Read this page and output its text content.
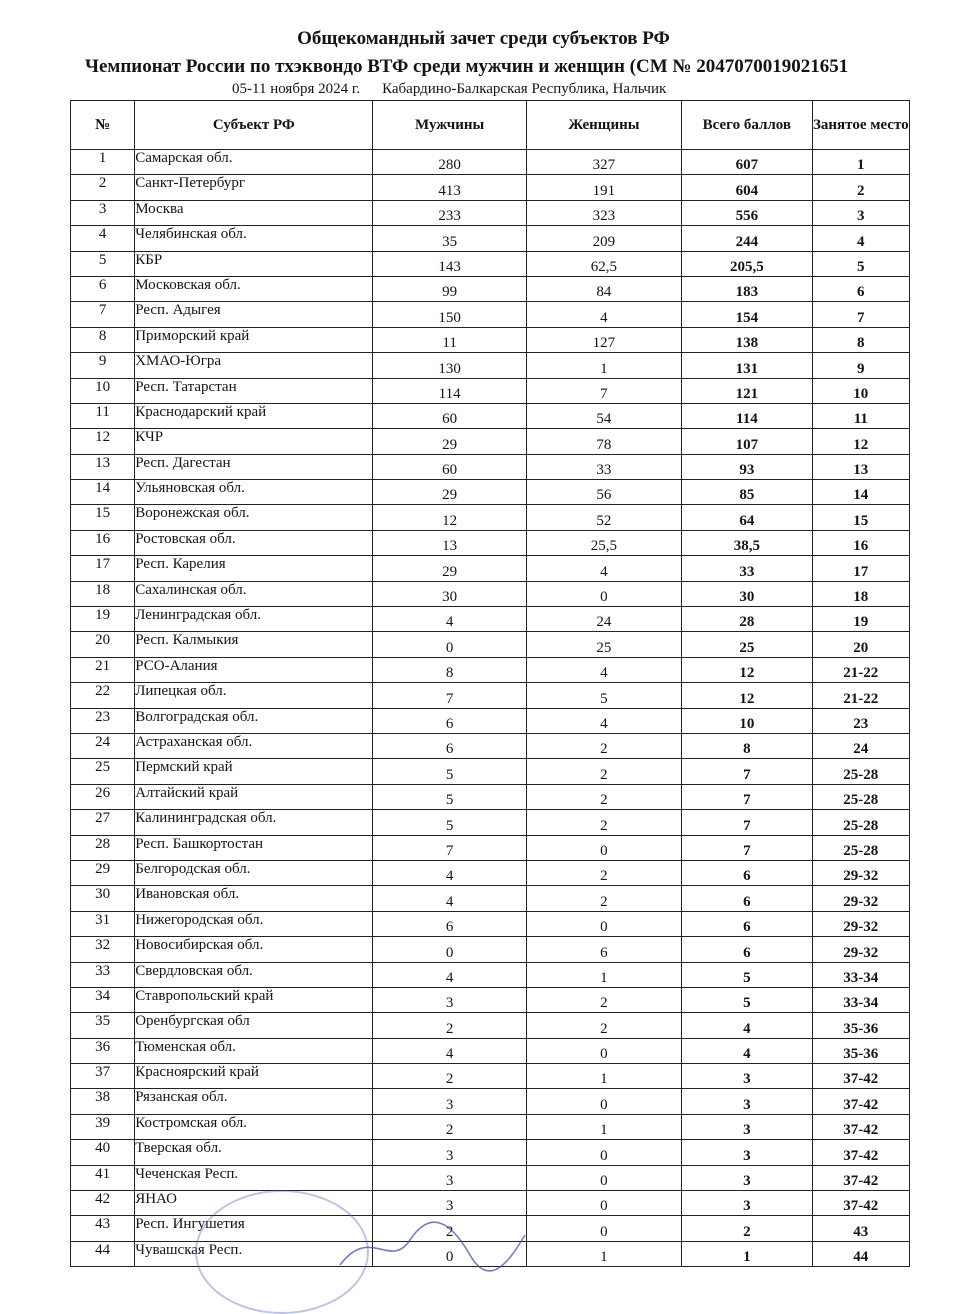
Общекомандный зачет среди субъектов РФ
Чемпионат России по тхэквондо ВТФ среди мужчин и женщин (СМ № 2047070019021651
05-11 ноября 2024 г. Кабардино-Балкарская Республика, Нальчик
№	Субъект РФ	Мужчины	Женщины	Всего баллов	Занятое место
1	Самарская обл.	280	327	607	1
2	Санкт-Петербург	413	191	604	2
3	Москва	233	323	556	3
4	Челябинская обл.	35	209	244	4
5	КБР	143	62,5	205,5	5
6	Московская обл.	99	84	183	6
7	Респ. Адыгея	150	4	154	7
8	Приморский край	11	127	138	8
9	ХМАО-Югра	130	1	131	9
10	Респ. Татарстан	114	7	121	10
11	Краснодарский край	60	54	114	11
12	КЧР	29	78	107	12
13	Респ. Дагестан	60	33	93	13
14	Ульяновская обл.	29	56	85	14
15	Воронежская обл.	12	52	64	15
16	Ростовская обл.	13	25,5	38,5	16
17	Респ. Карелия	29	4	33	17
18	Сахалинская обл.	30	0	30	18
19	Ленинградская обл.	4	24	28	19
20	Респ. Калмыкия	0	25	25	20
21	РСО-Алания	8	4	12	21-22
22	Липецкая обл.	7	5	12	21-22
23	Волгоградская обл.	6	4	10	23
24	Астраханская обл.	6	2	8	24
25	Пермский край	5	2	7	25-28
26	Алтайский край	5	2	7	25-28
27	Калининградская обл.	5	2	7	25-28
28	Респ. Башкортостан	7	0	7	25-28
29	Белгородская обл.	4	2	6	29-32
30	Ивановская обл.	4	2	6	29-32
31	Нижегородская обл.	6	0	6	29-32
32	Новосибирская обл.	0	6	6	29-32
33	Свердловская обл.	4	1	5	33-34
34	Ставропольский край	3	2	5	33-34
35	Оренбургская обл	2	2	4	35-36
36	Тюменская обл.	4	0	4	35-36
37	Красноярский край	2	1	3	37-42
38	Рязанская обл.	3	0	3	37-42
39	Костромская обл.	2	1	3	37-42
40	Тверская обл.	3	0	3	37-42
41	Чеченская Респ.	3	0	3	37-42
42	ЯНАО	3	0	3	37-42
43	Респ. Ингушетия	2	0	2	43
44	Чувашская Респ.	0	1	1	44
